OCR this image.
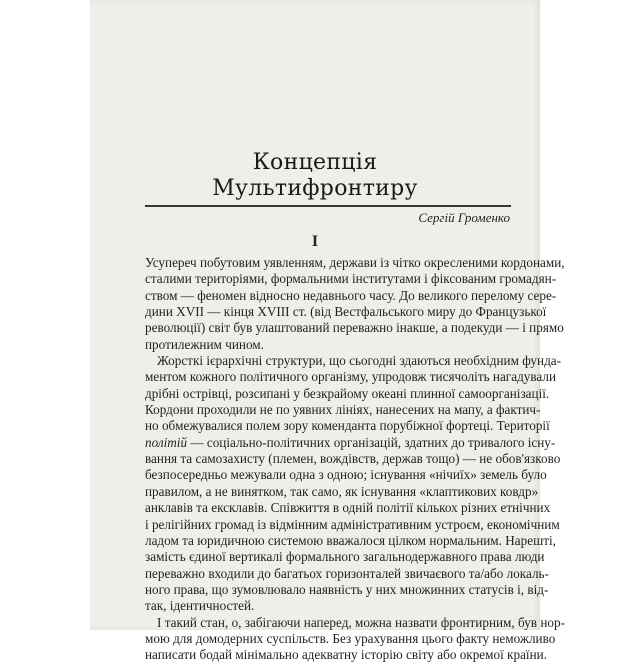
Концепція
Мультифронтиру
Сергій Громенко
I
Усупереч побутовим уявленням, держави із чітко окресленими кордонами,
сталими територіями, формальними інститутами і фіксованим громадян-
ством — феномен відносно недавнього часу. До великого перелому сере-
дини XVII — кінця XVIII ст. (від Вестфальського миру до Французької
революції) світ був улаштований переважно інакше, а подекуди — і прямо
протилежним чином.
Жорсткі ієрархічні структури, що сьогодні здаються необхідним фунда-
ментом кожного політичного організму, упродовж тисячоліть нагадували
дрібні острівці, розсипані у безкрайому океані плинної самоорганізації.
Кордони проходили не по уявних лініях, нанесених на мапу, а фактич-
но обмежувалися полем зору коменданта порубіжної фортеці. Території
політій — соціально-політичних організацій, здатних до тривалого існу-
вання та самозахисту (племен, вождівств, держав тощо) — не обов'язково
безпосередньо межували одна з одною; існування «нічиїх» земель було
правилом, а не винятком, так само, як існування «клаптикових ковдр»
анклавів та ексклавів. Співжиття в одній політії кількох різних етнічних
і релігійних громад із відмінним адміністративним устроєм, економічним
ладом та юридичною системою вважалося цілком нормальним. Нарешті,
замість єдиної вертикалі формального загальнодержавного права люди
переважно входили до багатьох горизонталей звичаєвого та/або локаль-
ного права, що зумовлювало наявність у них множинних статусів і, від-
так, ідентичностей.
І такий стан, о, забігаючи наперед, можна назвати фронтирним, був нор-
мою для домодерних суспільств. Без урахування цього факту неможливо
написати бодай мінімально адекватну історію світу або окремої країни.
